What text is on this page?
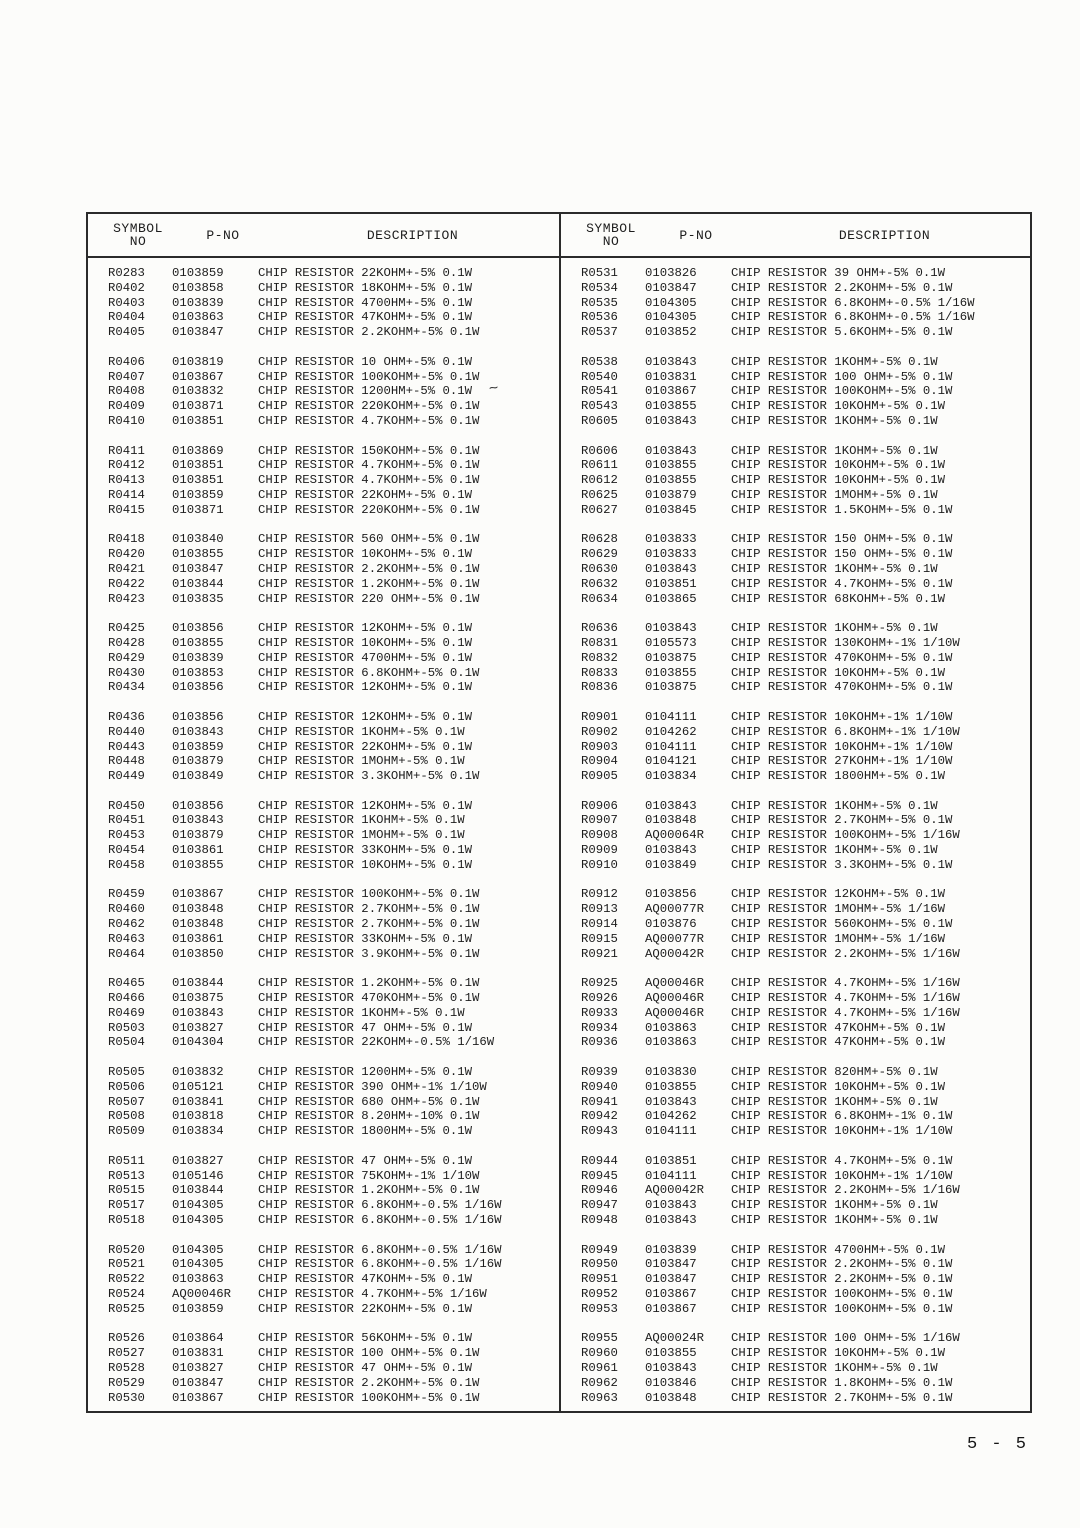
SYMBOL
NO	P-NO	DESCRIPTION
R0283	0103859	CHIP RESISTOR 22KOHM+-5% 0.1W
R0402	0103858	CHIP RESISTOR 18KOHM+-5% 0.1W
R0403	0103839	CHIP RESISTOR 4700HM+-5% 0.1W
R0404	0103863	CHIP RESISTOR 47KOHM+-5% 0.1W
R0405	0103847	CHIP RESISTOR 2.2KOHM+-5% 0.1W
R0406	0103819	CHIP RESISTOR 10 OHM+-5% 0.1W
R0407	0103867	CHIP RESISTOR 100KOHM+-5% 0.1W
R0408	0103832	CHIP RESISTOR 1200HM+-5% 0.1W
R0409	0103871	CHIP RESISTOR 220KOHM+-5% 0.1W
R0410	0103851	CHIP RESISTOR 4.7KOHM+-5% 0.1W
R0411	0103869	CHIP RESISTOR 150KOHM+-5% 0.1W
R0412	0103851	CHIP RESISTOR 4.7KOHM+-5% 0.1W
R0413	0103851	CHIP RESISTOR 4.7KOHM+-5% 0.1W
R0414	0103859	CHIP RESISTOR 22KOHM+-5% 0.1W
R0415	0103871	CHIP RESISTOR 220KOHM+-5% 0.1W
R0418	0103840	CHIP RESISTOR 560 OHM+-5% 0.1W
R0420	0103855	CHIP RESISTOR 10KOHM+-5% 0.1W
R0421	0103847	CHIP RESISTOR 2.2KOHM+-5% 0.1W
R0422	0103844	CHIP RESISTOR 1.2KOHM+-5% 0.1W
R0423	0103835	CHIP RESISTOR 220 OHM+-5% 0.1W
R0425	0103856	CHIP RESISTOR 12KOHM+-5% 0.1W
R0428	0103855	CHIP RESISTOR 10KOHM+-5% 0.1W
R0429	0103839	CHIP RESISTOR 4700HM+-5% 0.1W
R0430	0103853	CHIP RESISTOR 6.8KOHM+-5% 0.1W
R0434	0103856	CHIP RESISTOR 12KOHM+-5% 0.1W
R0436	0103856	CHIP RESISTOR 12KOHM+-5% 0.1W
R0440	0103843	CHIP RESISTOR 1KOHM+-5% 0.1W
R0443	0103859	CHIP RESISTOR 22KOHM+-5% 0.1W
R0448	0103879	CHIP RESISTOR 1MOHM+-5% 0.1W
R0449	0103849	CHIP RESISTOR 3.3KOHM+-5% 0.1W
R0450	0103856	CHIP RESISTOR 12KOHM+-5% 0.1W
R0451	0103843	CHIP RESISTOR 1KOHM+-5% 0.1W
R0453	0103879	CHIP RESISTOR 1MOHM+-5% 0.1W
R0454	0103861	CHIP RESISTOR 33KOHM+-5% 0.1W
R0458	0103855	CHIP RESISTOR 10KOHM+-5% 0.1W
R0459	0103867	CHIP RESISTOR 100KOHM+-5% 0.1W
R0460	0103848	CHIP RESISTOR 2.7KOHM+-5% 0.1W
R0462	0103848	CHIP RESISTOR 2.7KOHM+-5% 0.1W
R0463	0103861	CHIP RESISTOR 33KOHM+-5% 0.1W
R0464	0103850	CHIP RESISTOR 3.9KOHM+-5% 0.1W
R0465	0103844	CHIP RESISTOR 1.2KOHM+-5% 0.1W
R0466	0103875	CHIP RESISTOR 470KOHM+-5% 0.1W
R0469	0103843	CHIP RESISTOR 1KOHM+-5% 0.1W
R0503	0103827	CHIP RESISTOR 47 OHM+-5% 0.1W
R0504	0104304	CHIP RESISTOR 22KOHM+-0.5% 1/16W
R0505	0103832	CHIP RESISTOR 1200HM+-5% 0.1W
R0506	0105121	CHIP RESISTOR 390 OHM+-1% 1/10W
R0507	0103841	CHIP RESISTOR 680 OHM+-5% 0.1W
R0508	0103818	CHIP RESISTOR 8.20HM+-10% 0.1W
R0509	0103834	CHIP RESISTOR 1800HM+-5% 0.1W
R0511	0103827	CHIP RESISTOR 47 OHM+-5% 0.1W
R0513	0105146	CHIP RESISTOR 75KOHM+-1% 1/10W
R0515	0103844	CHIP RESISTOR 1.2KOHM+-5% 0.1W
R0517	0104305	CHIP RESISTOR 6.8KOHM+-0.5% 1/16W
R0518	0104305	CHIP RESISTOR 6.8KOHM+-0.5% 1/16W
R0520	0104305	CHIP RESISTOR 6.8KOHM+-0.5% 1/16W
R0521	0104305	CHIP RESISTOR 6.8KOHM+-0.5% 1/16W
R0522	0103863	CHIP RESISTOR 47KOHM+-5% 0.1W
R0524	AQ00046R	CHIP RESISTOR 4.7KOHM+-5% 1/16W
R0525	0103859	CHIP RESISTOR 22KOHM+-5% 0.1W
R0526	0103864	CHIP RESISTOR 56KOHM+-5% 0.1W
R0527	0103831	CHIP RESISTOR 100 OHM+-5% 0.1W
R0528	0103827	CHIP RESISTOR 47 OHM+-5% 0.1W
R0529	0103847	CHIP RESISTOR 2.2KOHM+-5% 0.1W
R0530	0103867	CHIP RESISTOR 100KOHM+-5% 0.1W
SYMBOL
NO	P-NO	DESCRIPTION
R0531	0103826	CHIP RESISTOR 39 OHM+-5% 0.1W
R0534	0103847	CHIP RESISTOR 2.2KOHM+-5% 0.1W
R0535	0104305	CHIP RESISTOR 6.8KOHM+-0.5% 1/16W
R0536	0104305	CHIP RESISTOR 6.8KOHM+-0.5% 1/16W
R0537	0103852	CHIP RESISTOR 5.6KOHM+-5% 0.1W
R0538	0103843	CHIP RESISTOR 1KOHM+-5% 0.1W
R0540	0103831	CHIP RESISTOR 100 OHM+-5% 0.1W
R0541	0103867	CHIP RESISTOR 100KOHM+-5% 0.1W
R0543	0103855	CHIP RESISTOR 10KOHM+-5% 0.1W
R0605	0103843	CHIP RESISTOR 1KOHM+-5% 0.1W
R0606	0103843	CHIP RESISTOR 1KOHM+-5% 0.1W
R0611	0103855	CHIP RESISTOR 10KOHM+-5% 0.1W
R0612	0103855	CHIP RESISTOR 10KOHM+-5% 0.1W
R0625	0103879	CHIP RESISTOR 1MOHM+-5% 0.1W
R0627	0103845	CHIP RESISTOR 1.5KOHM+-5% 0.1W
R0628	0103833	CHIP RESISTOR 150 OHM+-5% 0.1W
R0629	0103833	CHIP RESISTOR 150 OHM+-5% 0.1W
R0630	0103843	CHIP RESISTOR 1KOHM+-5% 0.1W
R0632	0103851	CHIP RESISTOR 4.7KOHM+-5% 0.1W
R0634	0103865	CHIP RESISTOR 68KOHM+-5% 0.1W
R0636	0103843	CHIP RESISTOR 1KOHM+-5% 0.1W
R0831	0105573	CHIP RESISTOR 130KOHM+-1% 1/10W
R0832	0103875	CHIP RESISTOR 470KOHM+-5% 0.1W
R0833	0103855	CHIP RESISTOR 10KOHM+-5% 0.1W
R0836	0103875	CHIP RESISTOR 470KOHM+-5% 0.1W
R0901	0104111	CHIP RESISTOR 10KOHM+-1% 1/10W
R0902	0104262	CHIP RESISTOR 6.8KOHM+-1% 1/10W
R0903	0104111	CHIP RESISTOR 10KOHM+-1% 1/10W
R0904	0104121	CHIP RESISTOR 27KOHM+-1% 1/10W
R0905	0103834	CHIP RESISTOR 1800HM+-5% 0.1W
R0906	0103843	CHIP RESISTOR 1KOHM+-5% 0.1W
R0907	0103848	CHIP RESISTOR 2.7KOHM+-5% 0.1W
R0908	AQ00064R	CHIP RESISTOR 100KOHM+-5% 1/16W
R0909	0103843	CHIP RESISTOR 1KOHM+-5% 0.1W
R0910	0103849	CHIP RESISTOR 3.3KOHM+-5% 0.1W
R0912	0103856	CHIP RESISTOR 12KOHM+-5% 0.1W
R0913	AQ00077R	CHIP RESISTOR 1MOHM+-5% 1/16W
R0914	0103876	CHIP RESISTOR 560KOHM+-5% 0.1W
R0915	AQ00077R	CHIP RESISTOR 1MOHM+-5% 1/16W
R0921	AQ00042R	CHIP RESISTOR 2.2KOHM+-5% 1/16W
R0925	AQ00046R	CHIP RESISTOR 4.7KOHM+-5% 1/16W
R0926	AQ00046R	CHIP RESISTOR 4.7KOHM+-5% 1/16W
R0933	AQ00046R	CHIP RESISTOR 4.7KOHM+-5% 1/16W
R0934	0103863	CHIP RESISTOR 47KOHM+-5% 0.1W
R0936	0103863	CHIP RESISTOR 47KOHM+-5% 0.1W
R0939	0103830	CHIP RESISTOR 820HM+-5% 0.1W
R0940	0103855	CHIP RESISTOR 10KOHM+-5% 0.1W
R0941	0103843	CHIP RESISTOR 1KOHM+-5% 0.1W
R0942	0104262	CHIP RESISTOR 6.8KOHM+-1% 0.1W
R0943	0104111	CHIP RESISTOR 10KOHM+-1% 1/10W
R0944	0103851	CHIP RESISTOR 4.7KOHM+-5% 0.1W
R0945	0104111	CHIP RESISTOR 10KOHM+-1% 1/10W
R0946	AQ00042R	CHIP RESISTOR 2.2KOHM+-5% 1/16W
R0947	0103843	CHIP RESISTOR 1KOHM+-5% 0.1W
R0948	0103843	CHIP RESISTOR 1KOHM+-5% 0.1W
R0949	0103839	CHIP RESISTOR 4700HM+-5% 0.1W
R0950	0103847	CHIP RESISTOR 2.2KOHM+-5% 0.1W
R0951	0103847	CHIP RESISTOR 2.2KOHM+-5% 0.1W
R0952	0103867	CHIP RESISTOR 100KOHM+-5% 0.1W
R0953	0103867	CHIP RESISTOR 100KOHM+-5% 0.1W
R0955	AQ00024R	CHIP RESISTOR 100 OHM+-5% 1/16W
R0960	0103855	CHIP RESISTOR 10KOHM+-5% 0.1W
R0961	0103843	CHIP RESISTOR 1KOHM+-5% 0.1W
R0962	0103846	CHIP RESISTOR 1.8KOHM+-5% 0.1W
R0963	0103848	CHIP RESISTOR 2.7KOHM+-5% 0.1W
~
5 - 5
